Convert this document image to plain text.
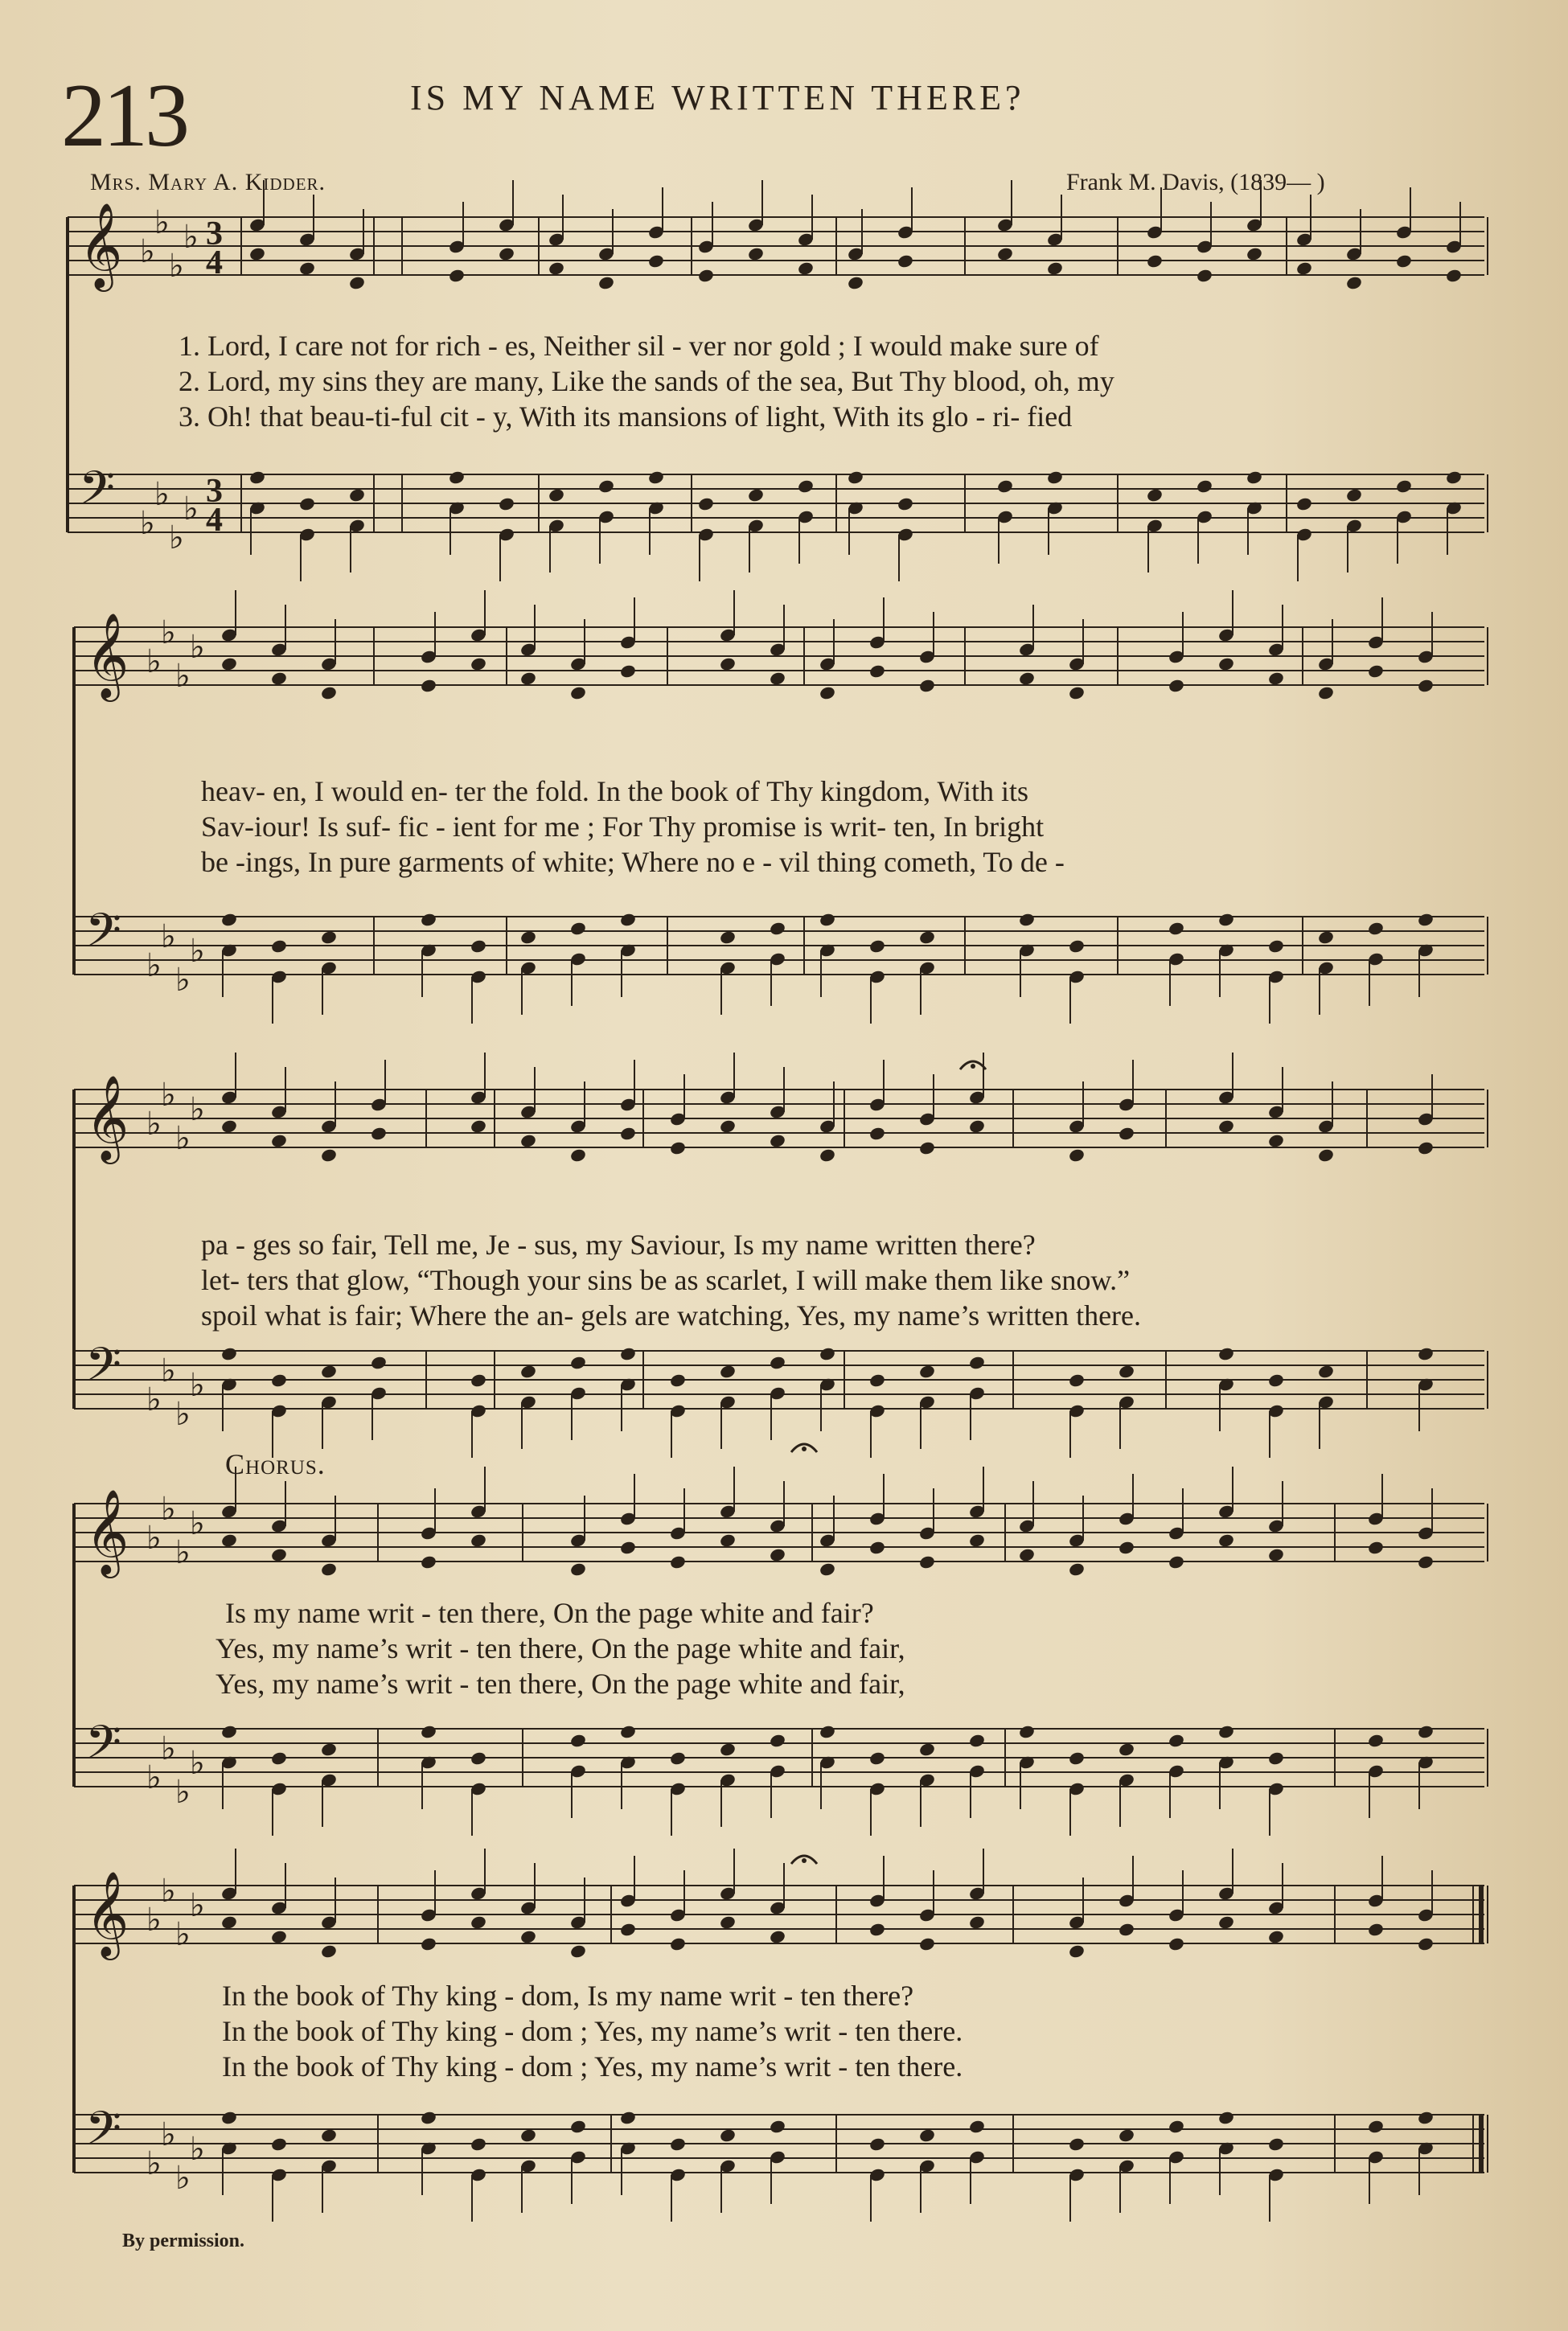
213	IS MY NAME WRITTEN THERE?
Mrs. Mary A. Kidder.	Frank M. Davis, (1839— )
𝄞
𝄢
♭
♭
♭
♭
♭
♭
♭
♭
3
4
3
4
𝄞
𝄢
♭
♭
♭
♭
♭
♭
♭
♭
𝄞
𝄢
♭
♭
♭
♭
♭
♭
♭
♭
𝄞
𝄢
♭
♭
♭
♭
♭
♭
♭
♭
𝄞
𝄢
♭
♭
♭
♭
♭
♭
♭
♭
1. Lord, I care not for rich - es, Neither sil - ver nor gold ; I would make sure of
2. Lord, my sins they are many, Like the sands of the sea, But Thy blood, oh, my
3. Oh! that beau-ti-ful cit - y, With its mansions of light, With its glo - ri- fied
heav- en, I would en- ter the fold. In the book of Thy kingdom, With its
Sav-iour! Is suf- fic - ient for me ; For Thy promise is writ- ten, In bright
be -ings, In pure garments of white; Where no e - vil thing cometh, To de -
pa - ges so fair, Tell me, Je - sus, my Saviour, Is my name written there?
let- ters that glow, “Though your sins be as scarlet, I will make them like snow.”
spoil what is fair; Where the an- gels are watching, Yes, my name’s written there.
Chorus.
Is my name writ - ten there, On the page white and fair?
Yes, my name’s writ - ten there, On the page white and fair,
Yes, my name’s writ - ten there, On the page white and fair,
In the book of Thy king - dom, Is my name writ - ten there?
In the book of Thy king - dom ; Yes, my name’s writ - ten there.
In the book of Thy king - dom ; Yes, my name’s writ - ten there.
By permission.
